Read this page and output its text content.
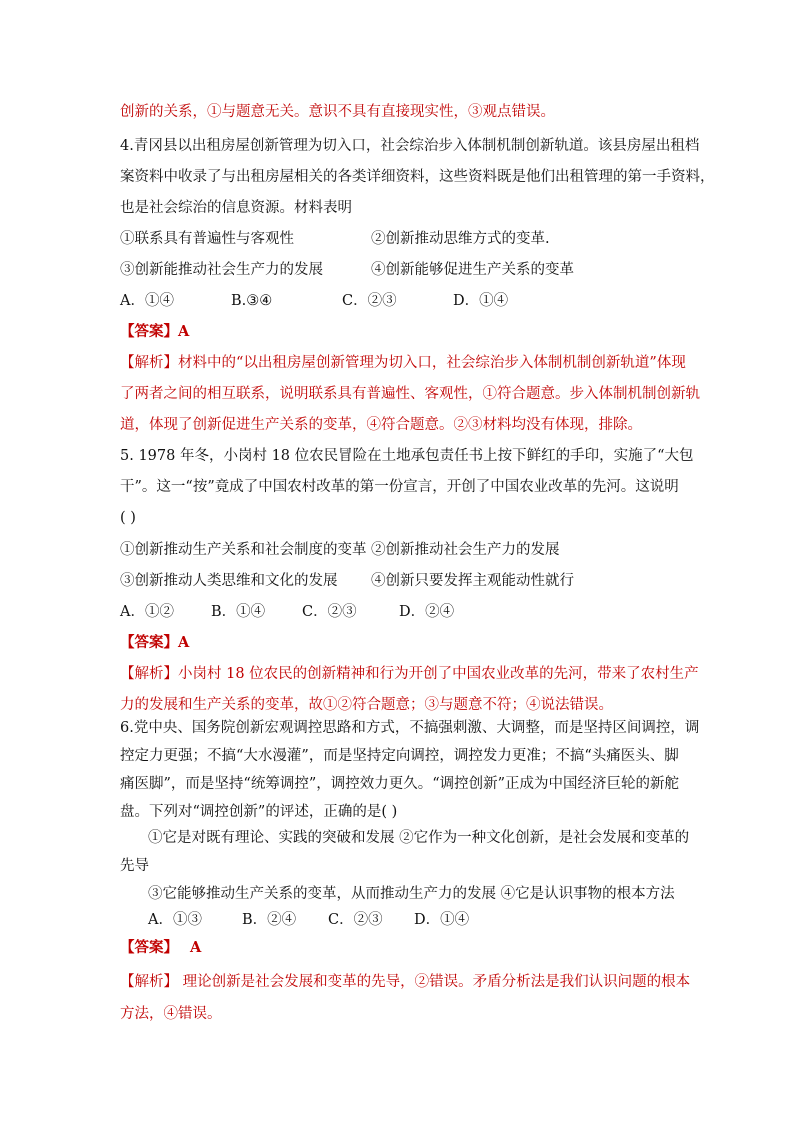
创新的关系，①与题意无关。意识不具有直接现实性，③观点错误。
4.青冈县以出租房屋创新管理为切入口，社会综治步入体制机制创新轨道。该县房屋出租档
案资料中收录了与出租房屋相关的各类详细资料，这些资料既是他们出租管理的第一手资料，
也是社会综治的信息资源。材料表明
①联系具有普遍性与客观性	②创新推动思维方式的变革.
③创新能推动社会生产力的发展	④创新能够促进生产关系的变革
A．①④	B.③④	C．②③	D．①④
【答案】A
【解析】材料中的“以出租房屋创新管理为切入口，社会综治步入体制机制创新轨道”体现
了两者之间的相互联系，说明联系具有普遍性、客观性，①符合题意。步入体制机制创新轨
道，体现了创新促进生产关系的变革，④符合题意。②③材料均没有体现，排除。
5. 1978 年冬，小岗村 18 位农民冒险在土地承包责任书上按下鲜红的手印，实施了“大包
干”。这一“按”竟成了中国农村改革的第一份宣言，开创了中国农业改革的先河。这说明
( )
①创新推动生产关系和社会制度的变革 ②创新推动社会生产力的发展
③创新推动人类思维和文化的发展 ④创新只要发挥主观能动性就行
A．①②	B．①④	C．②③	D．②④
【答案】A
【解析】小岗村 18 位农民的创新精神和行为开创了中国农业改革的先河，带来了农村生产
力的发展和生产关系的变革，故①②符合题意；③与题意不符；④说法错误。
6.党中央、国务院创新宏观调控思路和方式，不搞强刺激、大调整，而是坚持区间调控，调
控定力更强；不搞“大水漫灌”，而是坚持定向调控，调控发力更准；不搞“头痛医头、脚
痛医脚”，而是坚持“统筹调控”，调控效力更久。“调控创新”正成为中国经济巨轮的新舵
盘。下列对“调控创新”的评述，正确的是( )
①它是对既有理论、实践的突破和发展 ②它作为一种文化创新，是社会发展和变革的
先导
③它能够推动生产关系的变革，从而推动生产力的发展 ④它是认识事物的根本方法
A．①③	B．②④ C．②③ D．①④
【答案】 A
【解析】 理论创新是社会发展和变革的先导，②错误。矛盾分析法是我们认识问题的根本
方法，④错误。
